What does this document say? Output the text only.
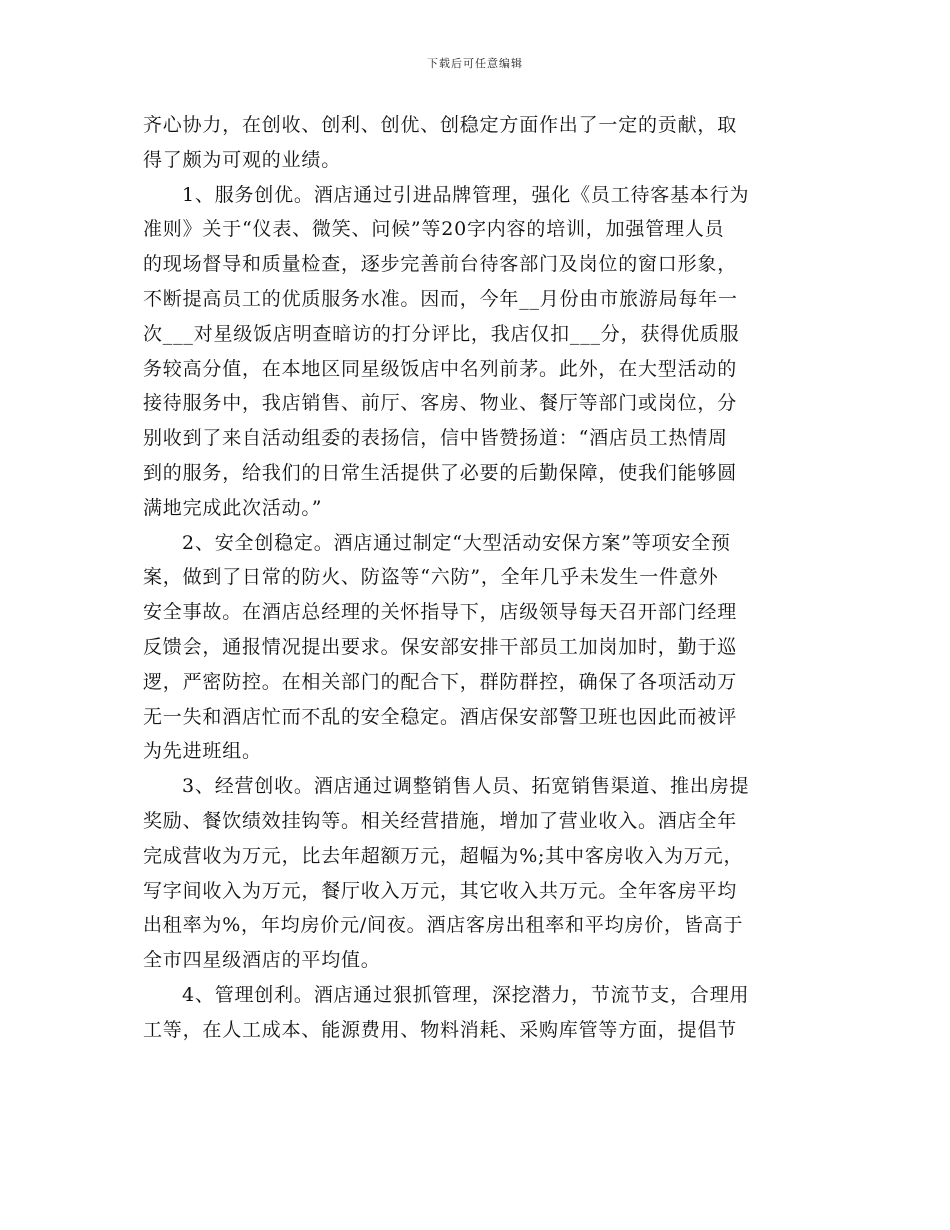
下载后可任意编辑
齐心协力，在创收、创利、创优、创稳定方面作出了一定的贡献，取
得了颇为可观的业绩。
1、服务创优。酒店通过引进品牌管理，强化《员工待客基本行为
准则》关于“仪表、微笑、问候”等20字内容的培训，加强管理人员
的现场督导和质量检查，逐步完善前台待客部门及岗位的窗口形象，
不断提高员工的优质服务水准。因而，今年__月份由市旅游局每年一
次___对星级饭店明查暗访的打分评比，我店仅扣___分，获得优质服
务较高分值，在本地区同星级饭店中名列前茅。此外，在大型活动的
接待服务中，我店销售、前厅、客房、物业、餐厅等部门或岗位，分
别收到了来自活动组委的表扬信，信中皆赞扬道：“酒店员工热情周
到的服务，给我们的日常生活提供了必要的后勤保障，使我们能够圆
满地完成此次活动。”
2、安全创稳定。酒店通过制定“大型活动安保方案”等项安全预
案，做到了日常的防火、防盗等“六防”，全年几乎未发生一件意外
安全事故。在酒店总经理的关怀指导下，店级领导每天召开部门经理
反馈会，通报情况提出要求。保安部安排干部员工加岗加时，勤于巡
逻，严密防控。在相关部门的配合下，群防群控，确保了各项活动万
无一失和酒店忙而不乱的安全稳定。酒店保安部警卫班也因此而被评
为先进班组。
3、经营创收。酒店通过调整销售人员、拓宽销售渠道、推出房提
奖励、餐饮绩效挂钩等。相关经营措施，增加了营业收入。酒店全年
完成营收为万元，比去年超额万元，超幅为%;其中客房收入为万元，
写字间收入为万元，餐厅收入万元，其它收入共万元。全年客房平均
出租率为%，年均房价元/间夜。酒店客房出租率和平均房价，皆高于
全市四星级酒店的平均值。
4、管理创利。酒店通过狠抓管理，深挖潜力，节流节支，合理用
工等，在人工成本、能源费用、物料消耗、采购库管等方面，提倡节
